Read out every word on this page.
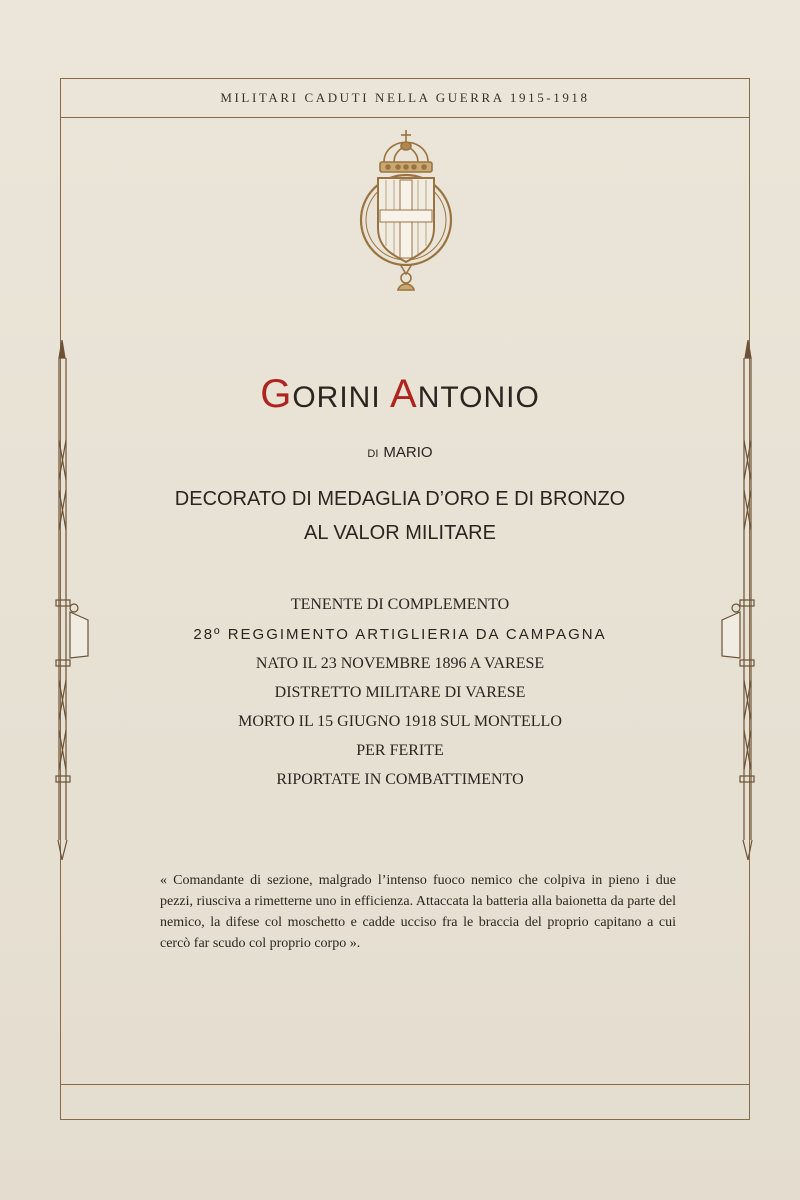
MILITARI CADUTI NELLA GUERRA 1915-1918
GORINI ANTONIO
DI MARIO
DECORATO DI MEDAGLIA D’ORO E DI BRONZO
AL VALOR MILITARE
TENENTE DI COMPLEMENTO
28º REGGIMENTO ARTIGLIERIA DA CAMPAGNA
NATO IL 23 NOVEMBRE 1896 A VARESE
DISTRETTO MILITARE DI VARESE
MORTO IL 15 GIUGNO 1918 SUL MONTELLO
PER FERITE
RIPORTATE IN COMBATTIMENTO
« Comandante di sezione, malgrado l’intenso fuoco nemico che colpiva in pieno i due pezzi, riusciva a rimetterne uno in efficienza. Attaccata la batteria alla baionetta da parte del nemico, la difese col moschetto e cadde ucciso fra le braccia del proprio capitano a cui cercò far scudo col proprio corpo ».
